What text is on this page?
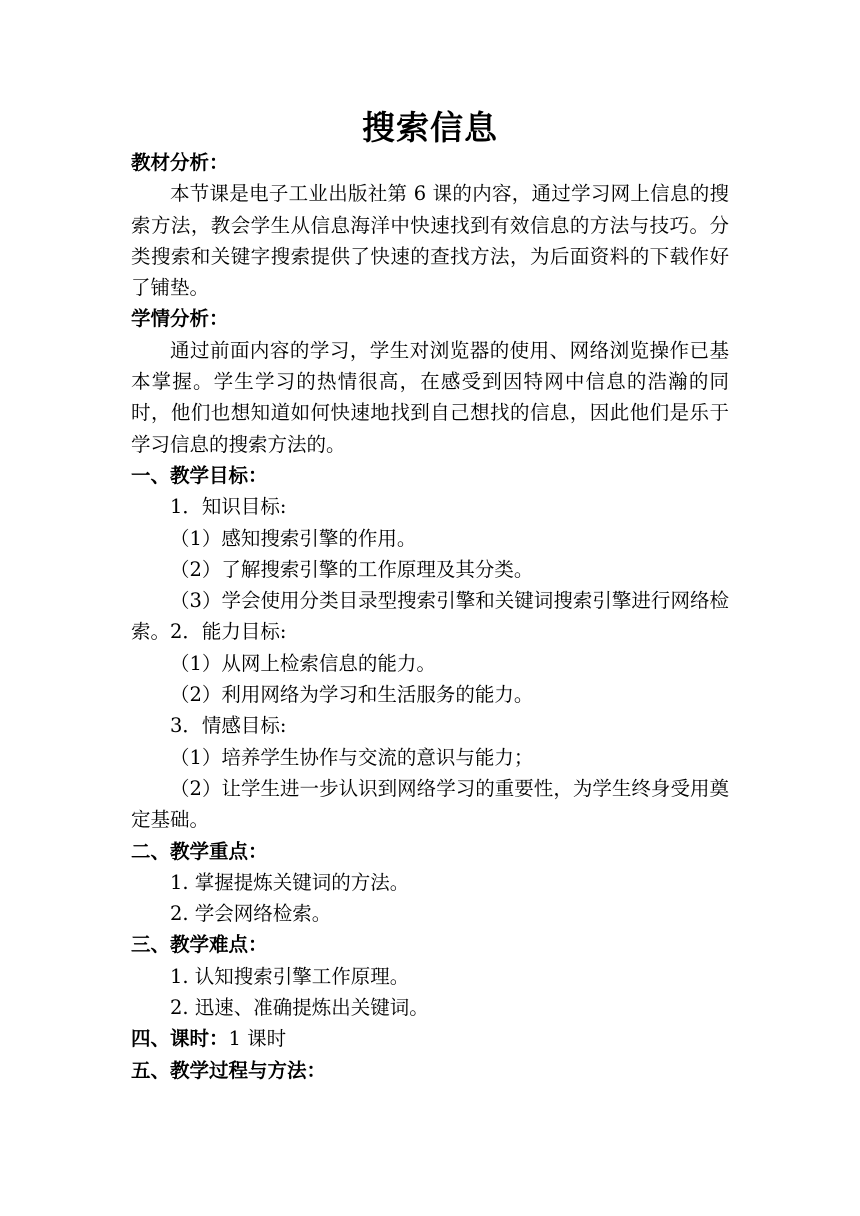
搜索信息
教材分析：
本节课是电子工业出版社第 6 课的内容，通过学习网上信息的搜索方法，教会学生从信息海洋中快速找到有效信息的方法与技巧。分类搜索和关键字搜索提供了快速的查找方法，为后面资料的下载作好了铺垫。
学情分析：
通过前面内容的学习，学生对浏览器的使用、网络浏览操作已基本掌握。学生学习的热情很高，在感受到因特网中信息的浩瀚的同时，他们也想知道如何快速地找到自己想找的信息，因此他们是乐于学习信息的搜索方法的。
一、教学目标：
1．知识目标:
（1）感知搜索引擎的作用。
（2）了解搜索引擎的工作原理及其分类。
（3）学会使用分类目录型搜索引擎和关键词搜索引擎进行网络检索。2．能力目标:
（1）从网上检索信息的能力。
（2）利用网络为学习和生活服务的能力。
3．情感目标:
（1）培养学生协作与交流的意识与能力；
（2）让学生进一步认识到网络学习的重要性，为学生终身受用奠定基础。
二、教学重点：
1. 掌握提炼关键词的方法。
2. 学会网络检索。
三、教学难点：
1. 认知搜索引擎工作原理。
2. 迅速、准确提炼出关键词。
四、课时：1 课时
五、教学过程与方法：
